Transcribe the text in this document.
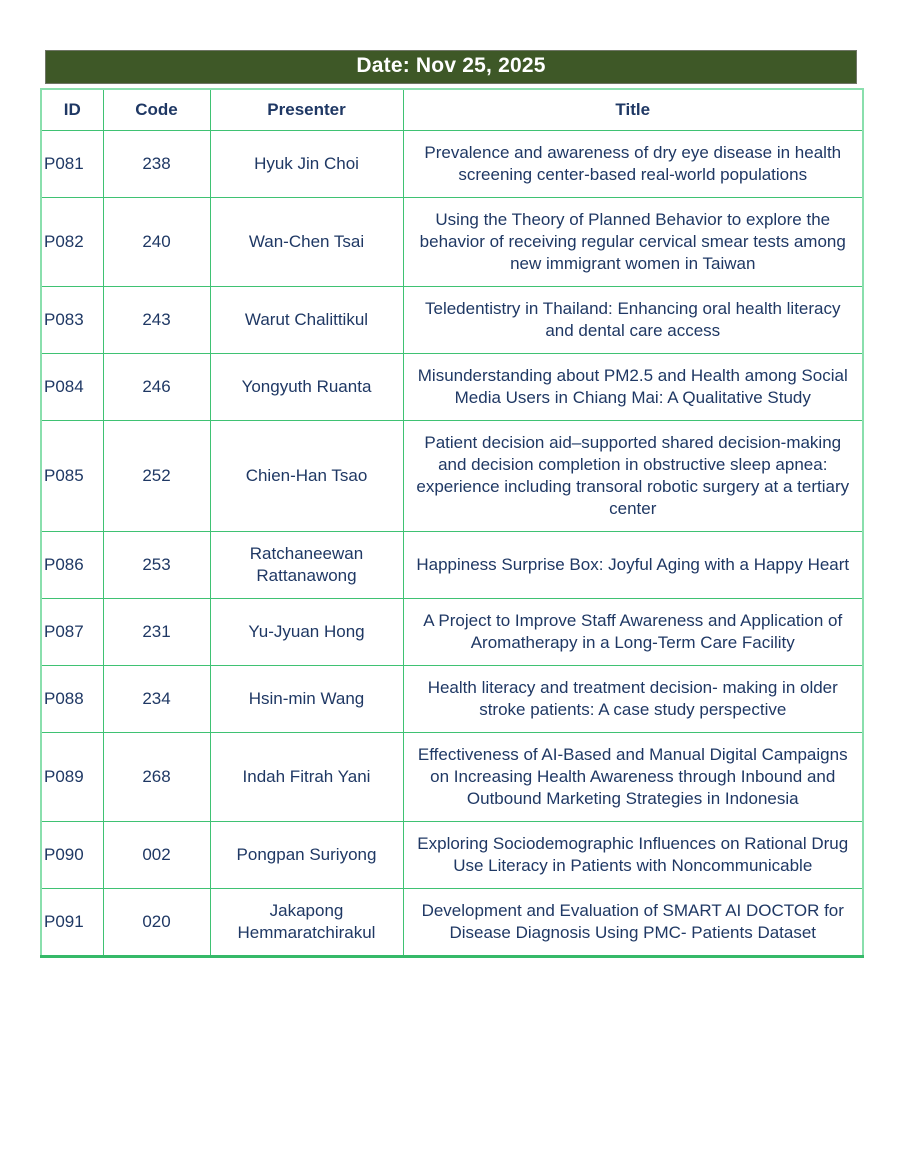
Date: Nov 25, 2025
ID	Code	Presenter	Title
P081	238	Hyuk Jin Choi	Prevalence and awareness of dry eye disease in health screening center-based real-world populations
P082	240	Wan-Chen Tsai	Using the Theory of Planned Behavior to explore the behavior of receiving regular cervical smear tests among new immigrant women in Taiwan
P083	243	Warut Chalittikul	Teledentistry in Thailand: Enhancing oral health literacy and dental care access
P084	246	Yongyuth Ruanta	Misunderstanding about PM2.5 and Health among Social Media Users in Chiang Mai: A Qualitative Study
P085	252	Chien-Han Tsao	Patient decision aid–supported shared decision-making and decision completion in obstructive sleep apnea: experience including transoral robotic surgery at a tertiary center
P086	253	Ratchaneewan Rattanawong	Happiness Surprise Box: Joyful Aging with a Happy Heart
P087	231	Yu-Jyuan Hong	A Project to Improve Staff Awareness and Application of Aromatherapy in a Long-Term Care Facility
P088	234	Hsin-min Wang	Health literacy and treatment decision- making in older stroke patients: A case study perspective
P089	268	Indah Fitrah Yani	Effectiveness of AI-Based and Manual Digital Campaigns on Increasing Health Awareness through Inbound and Outbound Marketing Strategies in Indonesia
P090	002	Pongpan Suriyong	Exploring Sociodemographic Influences on Rational Drug Use Literacy in Patients with Noncommunicable
P091	020	Jakapong Hemmaratchirakul	Development and Evaluation of SMART AI DOCTOR for Disease Diagnosis Using PMC- Patients Dataset
